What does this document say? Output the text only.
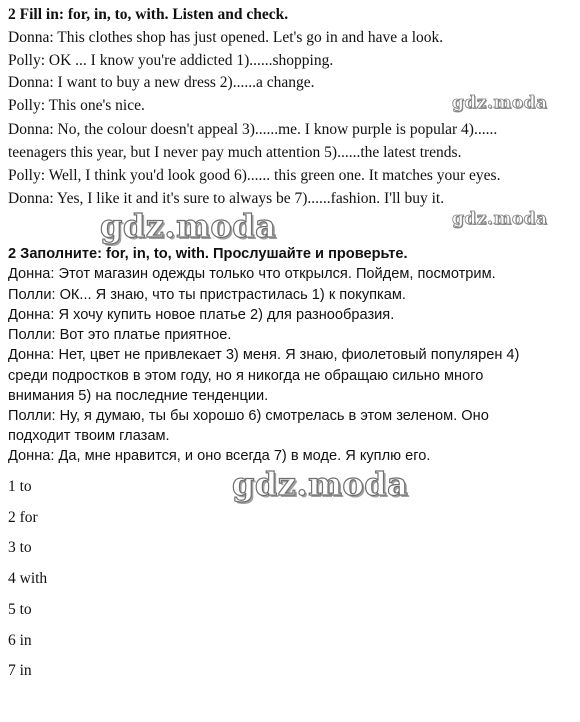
2 Fill in: for, in, to, with. Listen and check.
Donna: This clothes shop has just opened. Let's go in and have a look.
Polly: OK ... I know you're addicted 1)......shopping.
Donna: I want to buy a new dress 2)......a change.
Polly: This one's nice.
Donna: No, the colour doesn't appeal 3)......me. I know purple is popular 4)......
teenagers this year, but I never pay much attention 5)......the latest trends.
Polly: Well, I think you'd look good 6)...... this green one. It matches your eyes.
Donna: Yes, I like it and it's sure to always be 7)......fashion. I'll buy it.
2 Заполните: for, in, to, with. Прослушайте и проверьте.
Донна: Этот магазин одежды только что открылся. Пойдем, посмотрим.
Полли: ОК... Я знаю, что ты пристрастилась 1) к покупкам.
Донна: Я хочу купить новое платье 2) для разнообразия.
Полли: Вот это платье приятное.
Донна: Нет, цвет не привлекает 3) меня. Я знаю, фиолетовый популярен 4)
среди подростков в этом году, но я никогда не обращаю сильно много
внимания 5) на последние тенденции.
Полли: Ну, я думаю, ты бы хорошо 6) смотрелась в этом зеленом. Оно
подходит твоим глазам.
Донна: Да, мне нравится, и оно всегда 7) в моде. Я куплю его.
1 to
2 for
3 to
4 with
5 to
6 in
7 in
gdz.moda
gdz.moda
gdz.moda
gdz.moda
